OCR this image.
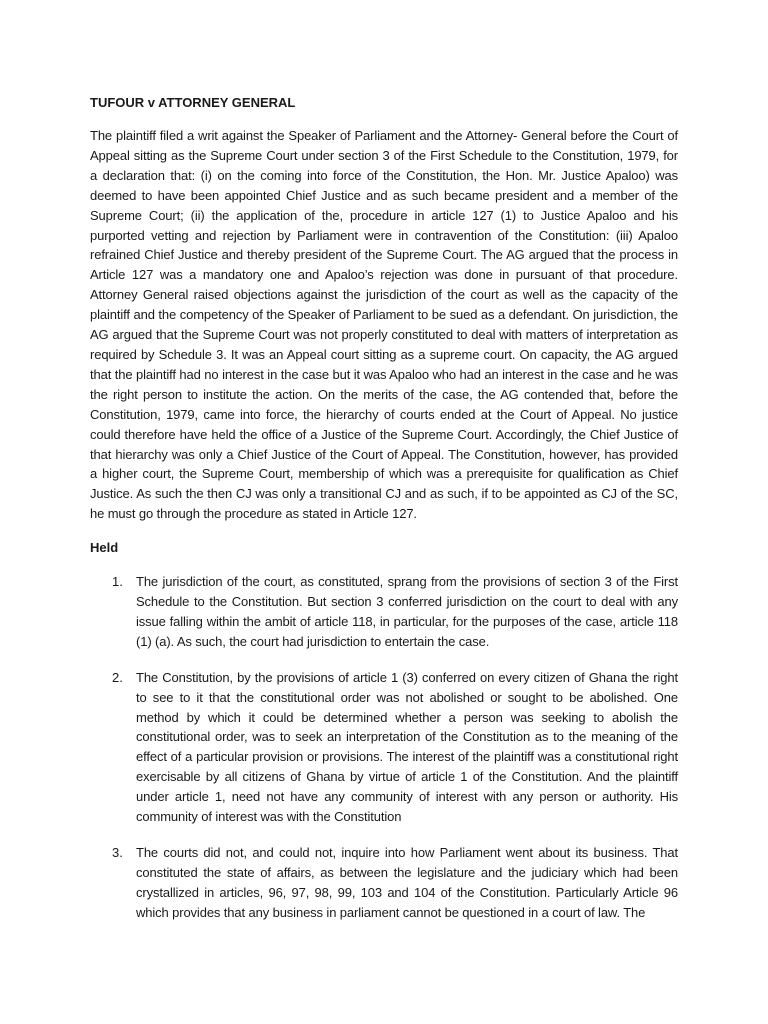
TUFOUR v ATTORNEY GENERAL

The plaintiff filed a writ against the Speaker of Parliament and the Attorney- General before the Court of Appeal sitting as the Supreme Court under section 3 of the First Schedule to the Constitution, 1979, for a declaration that: (i) on the coming into force of the Constitution, the Hon. Mr. Justice Apaloo) was deemed to have been appointed Chief Justice and as such became president and a member of the Supreme Court; (ii) the application of the, procedure in article 127 (1) to Justice Apaloo and his purported vetting and rejection by Parliament were in contravention of the Constitution: (iii) Apaloo refrained Chief Justice and thereby president of the Supreme Court. The AG argued that the process in Article 127 was a mandatory one and Apaloo’s rejection was done in pursuant of that procedure. Attorney General raised objections against the jurisdiction of the court as well as the capacity of the plaintiff and the competency of the Speaker of Parliament to be sued as a defendant. On jurisdiction, the AG argued that the Supreme Court was not properly constituted to deal with matters of interpretation as required by Schedule 3. It was an Appeal court sitting as a supreme court. On capacity, the AG argued that the plaintiff had no interest in the case but it was Apaloo who had an interest in the case and he was the right person to institute the action. On the merits of the case, the AG contended that, before the Constitution, 1979, came into force, the hierarchy of courts ended at the Court of Appeal. No justice could therefore have held the office of a Justice of the Supreme Court. Accordingly, the Chief Justice of that hierarchy was only a Chief Justice of the Court of Appeal. The Constitution, however, has provided a higher court, the Supreme Court, membership of which was a prerequisite for qualification as Chief Justice. As such the then CJ was only a transitional CJ and as such, if to be appointed as CJ of the SC, he must go through the procedure as stated in Article 127.

Held
1. The jurisdiction of the court, as constituted, sprang from the provisions of section 3 of the First Schedule to the Constitution. But section 3 conferred jurisdiction on the court to deal with any issue falling within the ambit of article 118, in particular, for the purposes of the case, article 118 (1) (a). As such, the court had jurisdiction to entertain the case.

2. The Constitution, by the provisions of article 1 (3) conferred on every citizen of Ghana the right to see to it that the constitutional order was not abolished or sought to be abolished. One method by which it could be determined whether a person was seeking to abolish the constitutional order, was to seek an interpretation of the Constitution as to the meaning of the effect of a particular provision or provisions. The interest of the plaintiff was a constitutional right exercisable by all citizens of Ghana by virtue of article 1 of the Constitution. And the plaintiff under article 1, need not have any community of interest with any person or authority. His community of interest was with the Constitution

3. The courts did not, and could not, inquire into how Parliament went about its business. That constituted the state of affairs, as between the legislature and the judiciary which had been crystallized in articles, 96, 97, 98, 99, 103 and 104 of the Constitution. Particularly Article 96 which provides that any business in parliament cannot be questioned in a court of law. The
